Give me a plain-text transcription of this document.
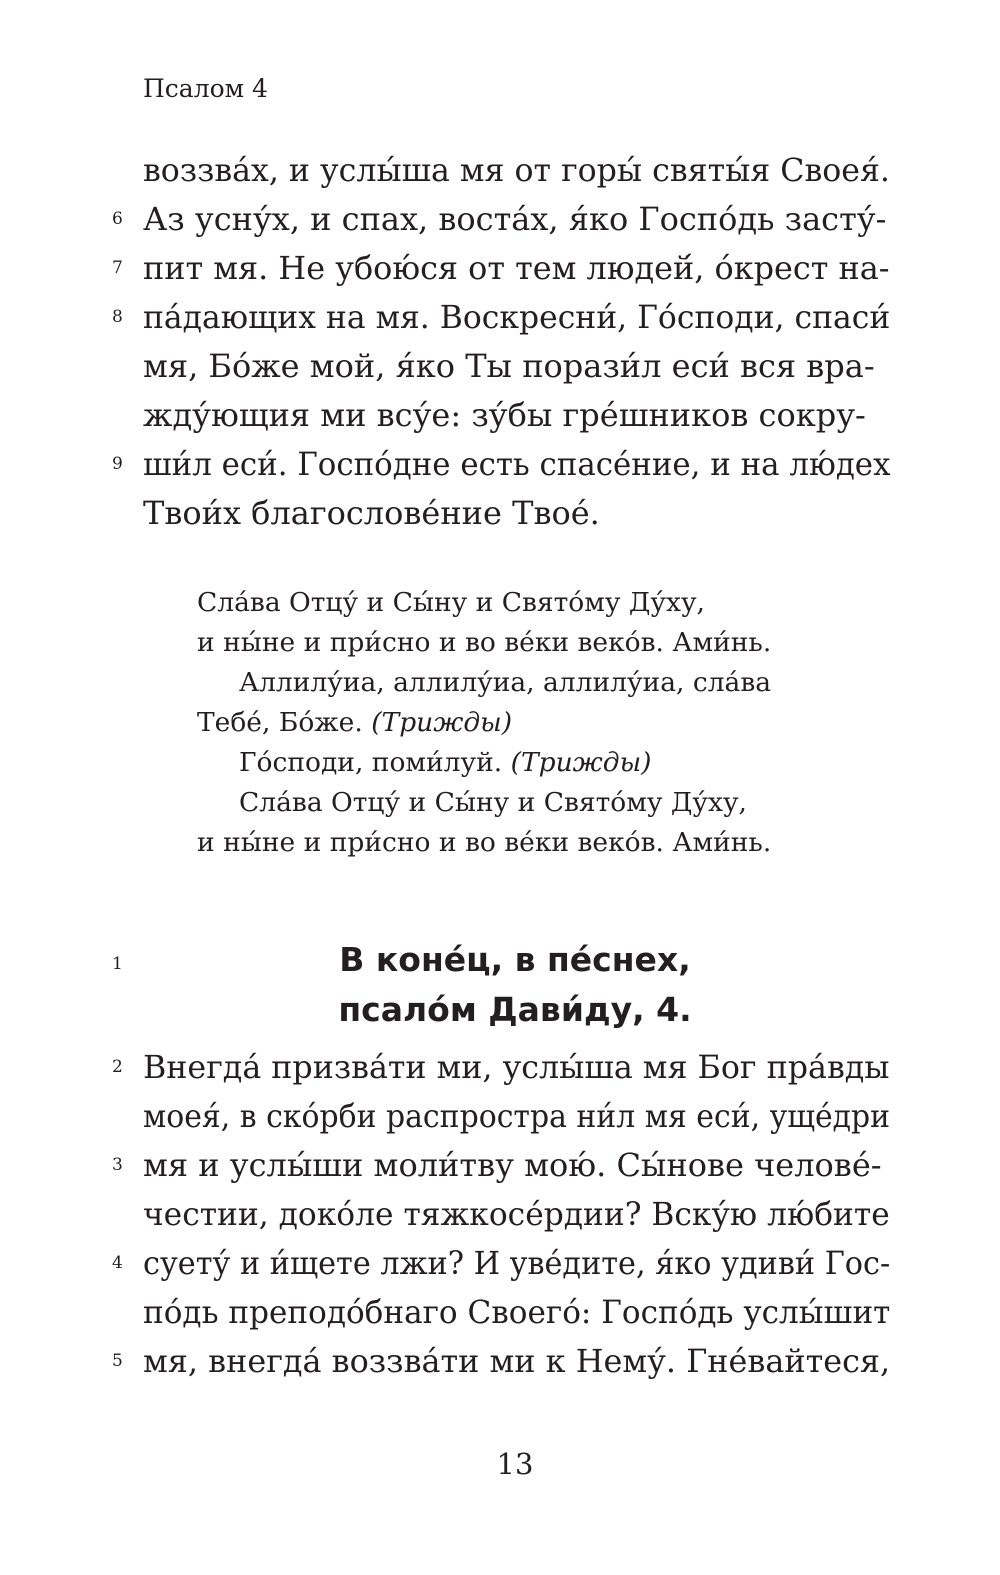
Псалом 4
воззва́х, и услы́ша мя от горы́ святы́я Своея́.
Аз усну́х, и спах, воста́х, я́ко Госпо́дь засту́-
пит мя. Не убою́ся от тем людей́, о́крест на-
па́дающих на мя. Воскресни́, Го́споди, спаси́
мя, Бо́же мой, я́ко Ты порази́л еси́ вся вра-
жду́ющия ми всу́е: зу́бы гре́шников сокру-
ши́л еси́. Госпо́дне есть спасе́ние, и на лю́дех
Твои́х благослове́ние Твое́.
6
7
8
9
Сла́ва Отцу́ и Сы́ну и Свято́му Ду́ху,
и ны́не и при́сно и во ве́ки веко́в. Ами́нь.
Аллилу́иа, аллилу́иа, аллилу́иа, сла́ва
Тебе́, Бо́же. (Трижды)
Го́споди, поми́луй. (Трижды)
Сла́ва Отцу́ и Сы́ну и Свято́му Ду́ху,
и ны́не и при́сно и во ве́ки веко́в. Ами́нь.
1	В коне́ц, в пе́снех,
псало́м Дави́ду, 4.
Внегда́ призва́ти ми, услы́ша мя Бог пра́вды
моея́, в ско́рби распростра ни́л мя еси́, уще́дри
мя и услы́ши моли́тву мою́. Сы́нове челове́-
честии, доко́ле тяжкосе́рдии? Вску́ю лю́бите
суету́ и и́щете лжи? И уве́дите, я́ко удиви́ Гос-
по́дь преподо́бнаго Своего́: Госпо́дь услы́шит
мя, внегда́ воззва́ти ми к Нему́. Гне́вайтеся,
2
3
4
5
13
